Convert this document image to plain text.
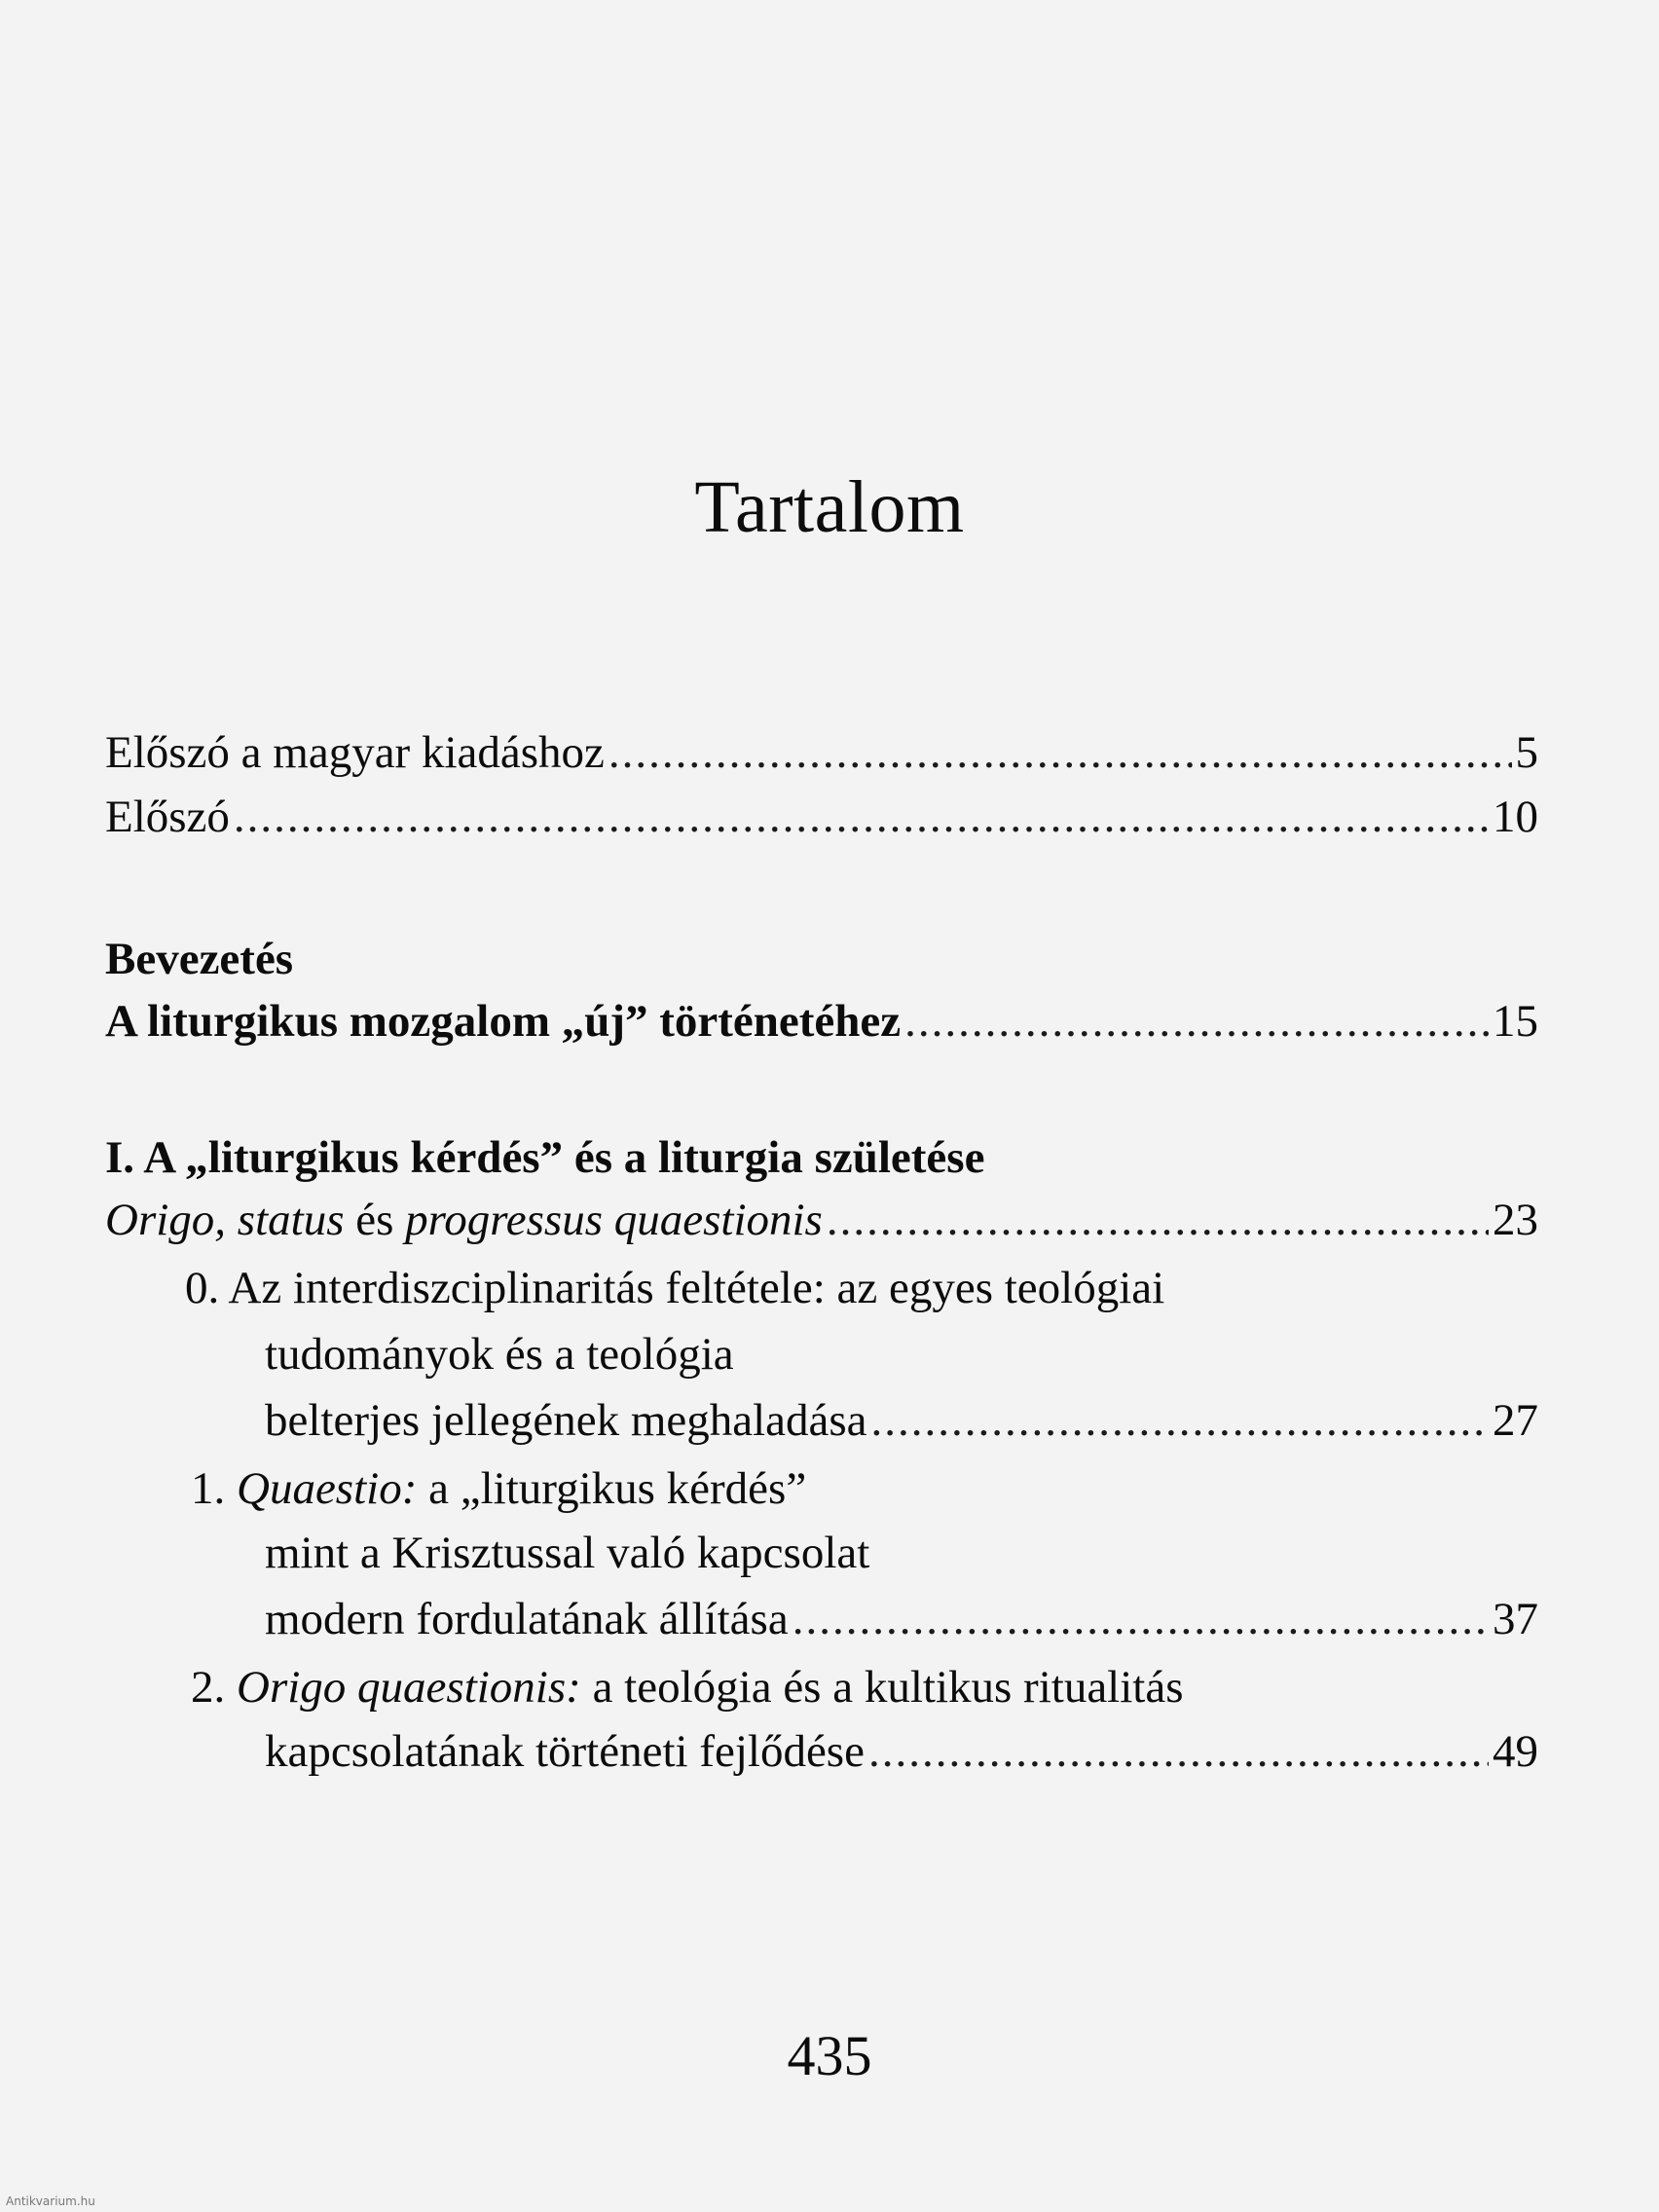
Tartalom
Előszó a magyar kiadáshoz .....	5
Előszó .....	10
Bevezetés
A liturgikus mozgalom „új” történetéhez .....	15
I. A „liturgikus kérdés” és a liturgia születése
Origo, status és progressus quaestionis .....	23
0. Az interdiszciplinaritás feltétele: az egyes teológiai
tudományok és a teológia
belterjes jellegének meghaladása .....	27
1. Quaestio: a „liturgikus kérdés”
mint a Krisztussal való kapcsolat
modern fordulatának állítása .....	37
2. Origo quaestionis: a teológia és a kultikus ritualitás
kapcsolatának történeti fejlődése .....	49
435
Antikvarium.hu
